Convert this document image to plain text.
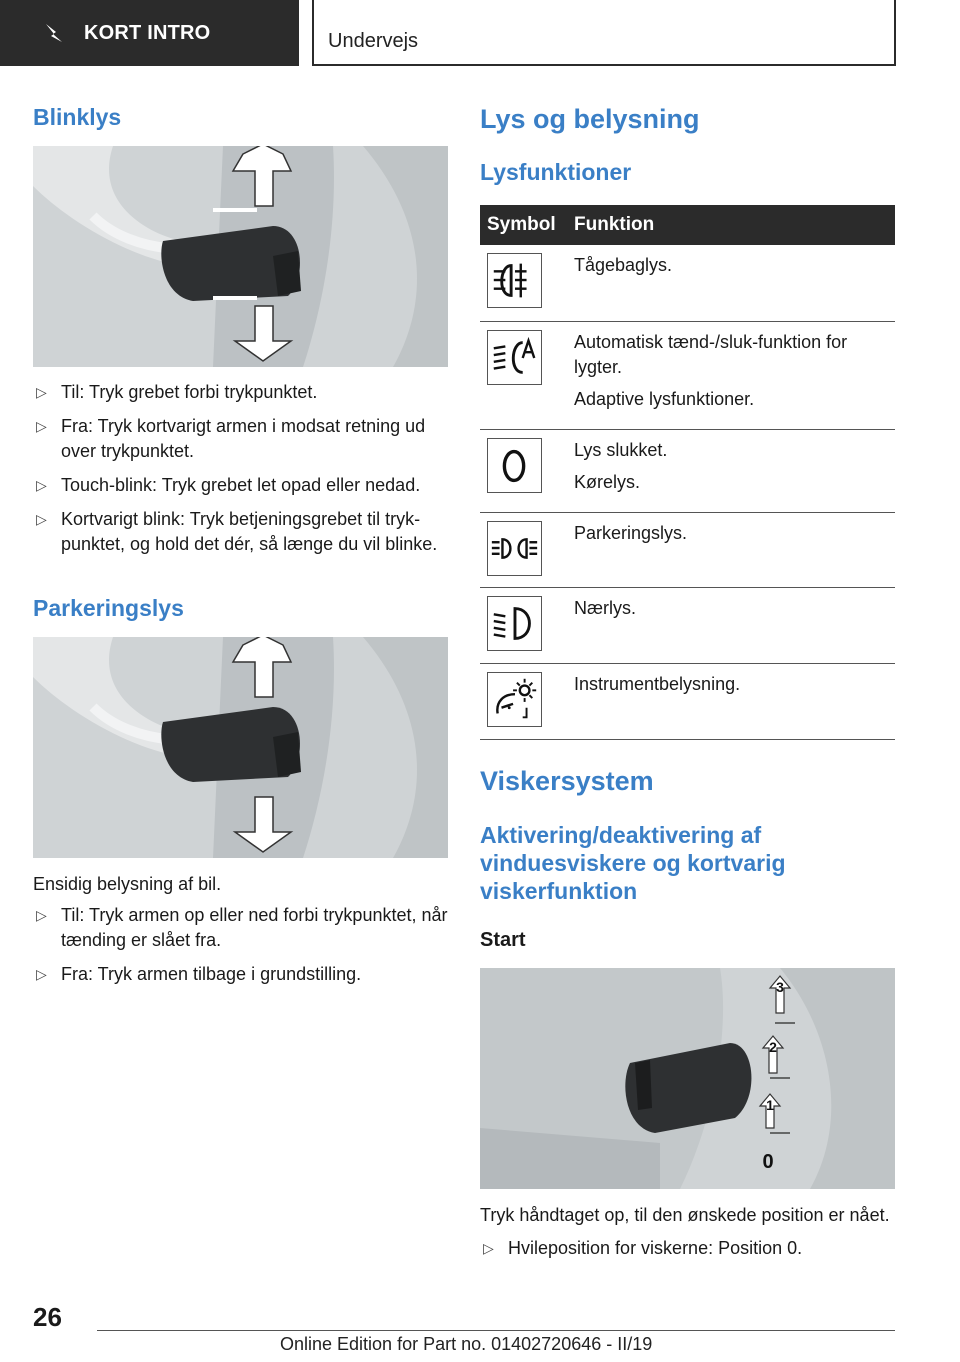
KORT INTRO	Undervejs
Blinklys
▷ Til: Tryk grebet forbi trykpunktet.
▷ Fra: Tryk kortvarigt armen i modsat retning ud over trykpunktet.
▷ Touch-blink: Tryk grebet let opad eller nedad.
▷ Kortvarigt blink: Tryk betjeningsgrebet til trykpunktet, og hold det dér, så længe du vil blinke.
Parkeringslys

Ensidig belysning af bil.

▷ Til: Tryk armen op eller ned forbi trykpunktet, når tænding er slået fra.
▷ Fra: Tryk armen tilbage i grundstilling.
Lys og belysning
Lysfunktioner
Symbol	Funktion

Tågebaglys.

Automatisk tænd-/sluk-funktion for lygter.
Adaptive lysfunktioner.

Lys slukket.
Kørelys.

Parkeringslys.

Nærlys.

Instrumentbelysning.
Viskersystem
Aktivering/deaktivering af vinduesviskere og kortvarig viskerfunktion
Start
3
2
1
0

Tryk håndtaget op, til den ønskede position er nået.

▷ Hvileposition for viskerne: Position 0.
26
Online Edition for Part no. 01402720646 - II/19
